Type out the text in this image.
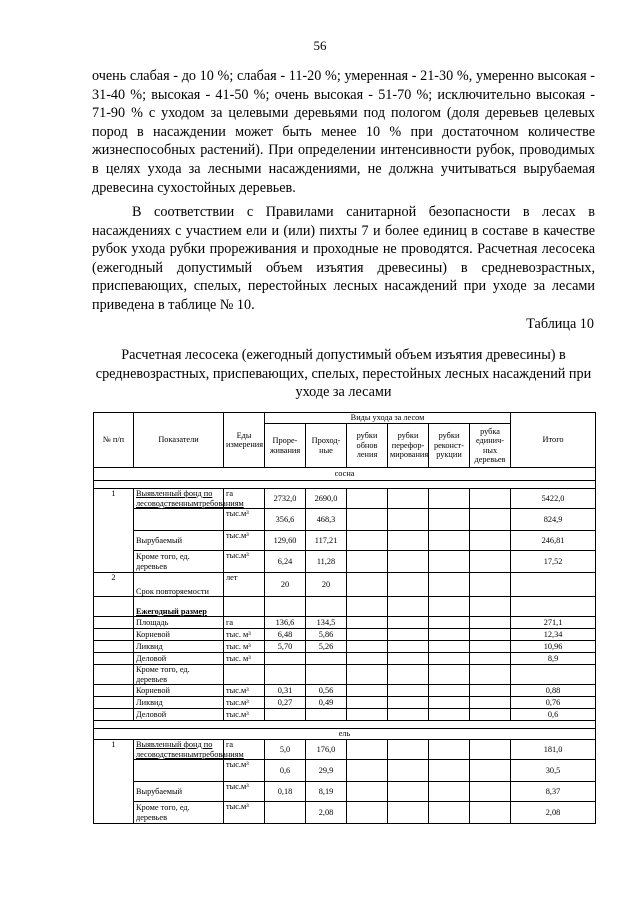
56

очень слабая - до 10 %; слабая - 11-20 %; умеренная - 21-30 %, умеренно высокая - 31-40 %; высокая - 41-50 %; очень высокая - 51-70 %; исключительно высокая - 71-90 % с уходом за целевыми деревьями под пологом (доля деревьев целевых пород в насаждении может быть менее 10 % при достаточном количестве жизнеспособных растений). При определении интенсивности рубок, проводимых в целях ухода за лесными насаждениями, не должна учитываться вырубаемая древесина сухостойных деревьев.

В соответствии с Правилами санитарной безопасности в лесах в насаждениях с участием ели и (или) пихты 7 и более единиц в составе в качестве рубок ухода рубки прореживания и проходные не проводятся. Расчетная лесосека (ежегодный допустимый объем изъятия древесины) в средневозрастных, приспевающих, спелых, перестойных лесных насаждений при уходе за лесами приведена в таблице № 10.

Таблица 10
Расчетная лесосека (ежегодный допустимый объем изъятия древесины) в средневозрастных, приспевающих, спелых, перестойных лесных насаждений при уходе за лесами
№ п/п	Показатели	Еды измерения	Виды ухода за лесом						Итого
			Проре-живания	Проход-ные	рубки обнов ления	рубки перефор-мирования	рубки реконст-рукции	рубка единич-ных деревьев	
сосна									

1	Выявленный фонд по лесоводственнымтребованиям	га	2732,0	2690,0					5422,0
		тыс.м³	356,6	468,3					824,9
	Вырубаемый	тыс.м³	129,60	117,21					246,81
	Кроме того, ед. деревьев	тыс.м³	6,24	11,28					17,52
2	Срок повторяемости	лет	20	20					
	Ежегодный размер								
	Площадь	га	136,6	134,5					271,1
	Корневой	тыс. м³	6,48	5,86					12,34
	Ликвид	тыс. м³	5,70	5,26					10,96
	Деловой	тыс. м³							8,9
	Кроме того, ед. деревьев								
	Корневой	тыс.м³	0,31	0,56					0,88
	Ликвид	тыс.м³	0,27	0,49					0,76
	Деловой	тыс.м³							0,6

ель									
1	Выявленный фонд по лесоводственнымтребованиям	га	5,0	176,0					181,0
		тыс.м³	0,6	29,9					30,5
	Вырубаемый	тыс.м³	0,18	8,19					8,37
	Кроме того, ед. деревьев	тыс.м³		2,08					2,08
